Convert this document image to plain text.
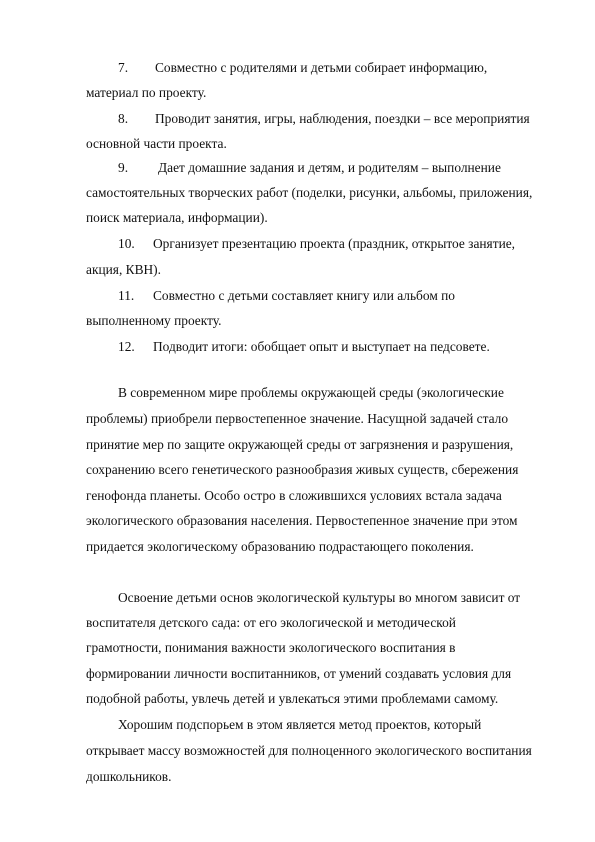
7. Совместно с родителями и детьми собирает информацию,
материал по проекту.
8. Проводит занятия, игры, наблюдения, поездки – все мероприятия
основной части проекта.
9. Дает домашние задания и детям, и родителям – выполнение
самостоятельных творческих работ (поделки, рисунки, альбомы, приложения,
поиск материала, информации).
10. Организует презентацию проекта (праздник, открытое занятие,
акция, КВН).
11. Совместно с детьми составляет книгу или альбом по
выполненному проекту.
12. Подводит итоги: обобщает опыт и выступает на педсовете.
В современном мире проблемы окружающей среды (экологические
проблемы) приобрели первостепенное значение. Насущной задачей стало
принятие мер по защите окружающей среды от загрязнения и разрушения,
сохранению всего генетического разнообразия живых существ, сбережения
генофонда планеты. Особо остро в сложившихся условиях встала задача
экологического образования населения. Первостепенное значение при этом
придается экологическому образованию подрастающего поколения.
Освоение детьми основ экологической культуры во многом зависит от
воспитателя детского сада: от его экологической и методической
грамотности, понимания важности экологического воспитания в
формировании личности воспитанников, от умений создавать условия для
подобной работы, увлечь детей и увлекаться этими проблемами самому.
Хорошим подспорьем в этом является метод проектов, который
открывает массу возможностей для полноценного экологического воспитания
дошкольников.
